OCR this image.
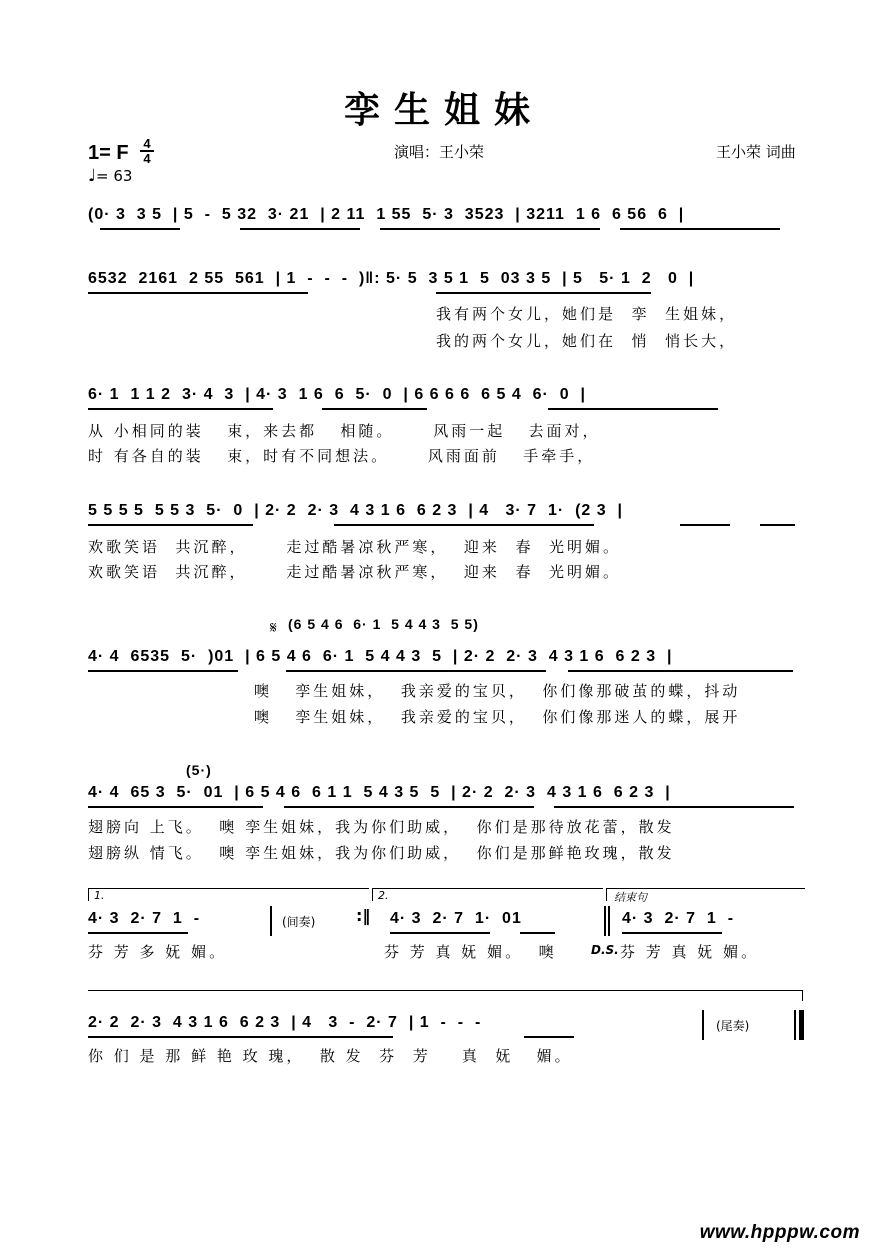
孪生姐妹
1= F 4
4
♩= 63
演唱：王小荣	王小荣 词曲
(0· 3  3 5  | 5  -  5 32  3· 21  | 2 11  1 55  5· 3  3523  | 3211  1 6  6 56  6  |
6532  2161  2 55  561  | 1  -  -  -  )‖: 5· 5  3 5 1  5  03 3 5  | 5   5· 1  2   0  |
我有两个女儿，她们是  孪  生姐妹，
我的两个女儿，她们在  悄  悄长大，
6· 1  1 1 2  3· 4  3  | 4· 3  1 6  6  5·  0  | 6 6 6 6  6 5 4  6·  0  |
从 小相同的装   束，来去都   相随。     风雨一起   去面对，
时 有各自的装   束，时有不同想法。     风雨面前   手牵手，
5 5 5 5  5 5 3  5·  0  | 2· 2  2· 3  4 3 1 6  6 2 3  | 4   3· 7  1·  (2 3  |
欢歌笑语  共沉醉，     走过酷暑凉秋严寒，  迎来  春  光明媚。
欢歌笑语  共沉醉，     走过酷暑凉秋严寒，  迎来  春  光明媚。
𝄋 (6 5 4 6  6· 1  5 4 4 3  5 5)
4· 4  6535  5·  )01  | 6 5 4 6  6· 1  5 4 4 3  5  | 2· 2  2· 3  4 3 1 6  6 2 3  |
噢   孪生姐妹，  我亲爱的宝贝，  你们像那破茧的蝶，抖动
噢   孪生姐妹，  我亲爱的宝贝，  你们像那迷人的蝶，展开
(5·)
4· 4  65 3  5·  01  | 6 5 4 6  6 1 1  5 4 3 5  5  | 2· 2  2· 3  4 3 1 6  6 2 3  |
翅膀向 上飞。  噢 孪生姐妹，我为你们助威，  你们是那待放花蕾，散发
翅膀纵 情飞。  噢 孪生姐妹，我为你们助威，  你们是那鲜艳玫瑰，散发
1.	2.	结束句
4· 3  2· 7  1  -	(间奏)	:‖ 4· 3  2· 7  1·  01	4· 3  2· 7  1  -
芬 芳 多 妩 媚。	芬 芳 真 妩 媚。  噢	D.S. 芬 芳 真 妩 媚。
2· 2  2· 3  4 3 1 6  6 2 3  | 4   3  -  2· 7  | 1  -  -  -	(尾奏)
你 们 是 那 鲜 艳 玫 瑰，  散 发  芬  芳    真  妩   媚。
www.hpppw.com
